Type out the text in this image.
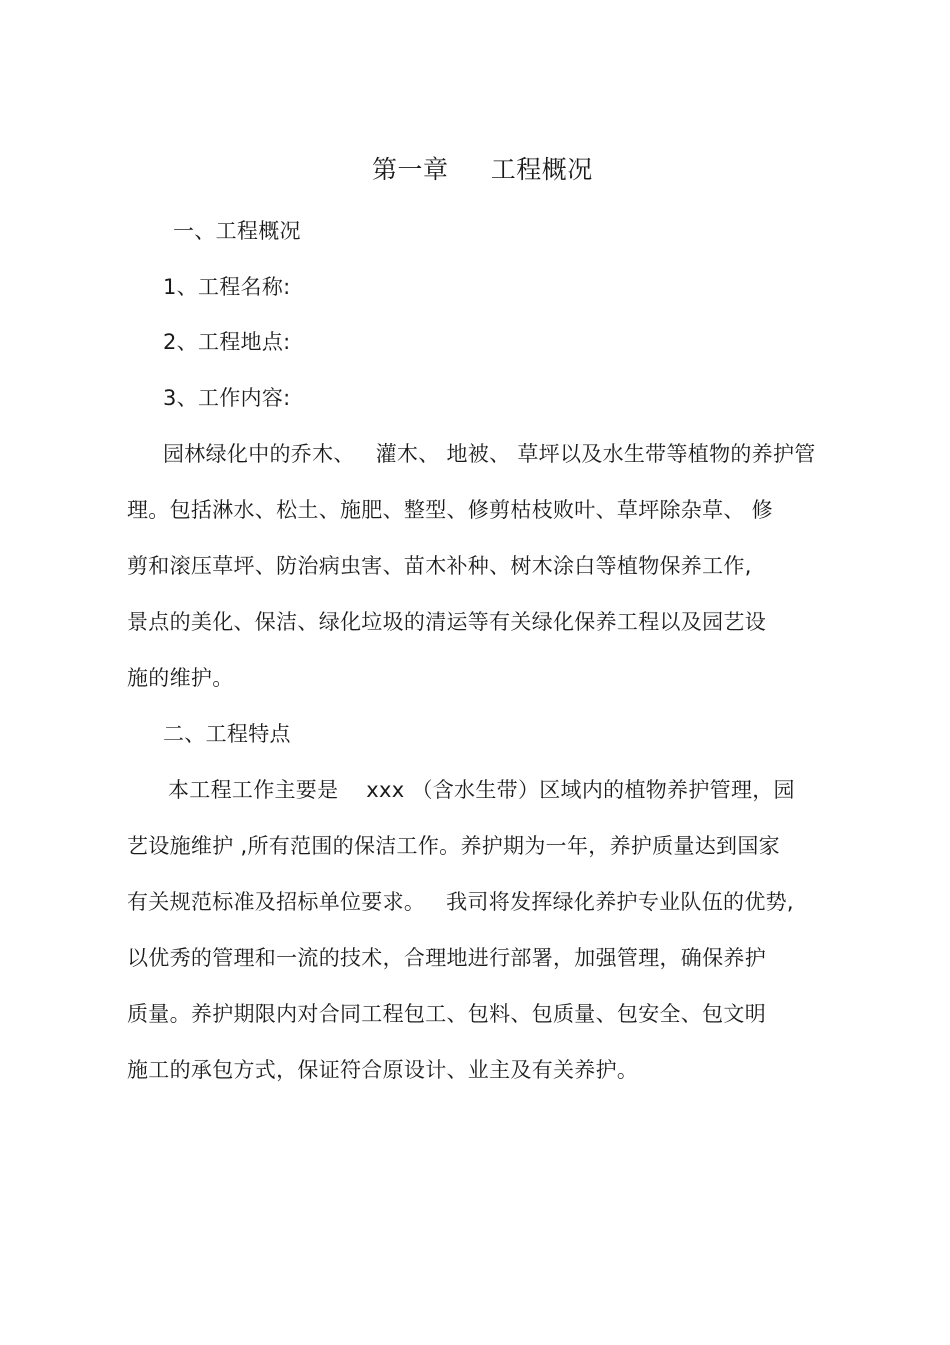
第一章     工程概况
一、工程概况
1、工程名称:
2、工程地点:
3、工作内容:
园林绿化中的乔木、   灌木、 地被、 草坪以及水生带等植物的养护管
理。包括淋水、松土、施肥、整型、修剪枯枝败叶、草坪除杂草、 修
剪和滚压草坪、防治病虫害、苗木补种、树木涂白等植物保养工作,
景点的美化、保洁、绿化垃圾的清运等有关绿化保养工程以及园艺设
施的维护。
二、工程特点
本工程工作主要是    xxx （含水生带）区域内的植物养护管理，园
艺设施维护 ,所有范围的保洁工作。养护期为一年，养护质量达到国家
有关规范标准及招标单位要求。   我司将发挥绿化养护专业队伍的优势,
以优秀的管理和一流的技术，合理地进行部署，加强管理，确保养护
质量。养护期限内对合同工程包工、包料、包质量、包安全、包文明
施工的承包方式，保证符合原设计、业主及有关养护。
